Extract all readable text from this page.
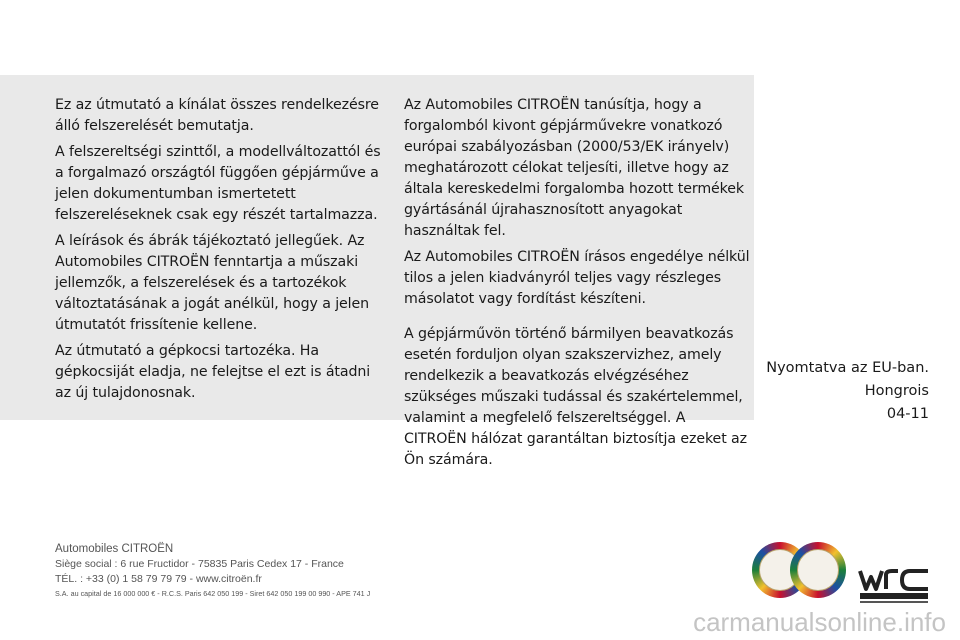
Ez az útmutató a kínálat összes rendelkezésre álló felszerelését bemutatja.

A felszereltségi szinttől, a modellváltozattól és a forgalmazó országtól függően gépjárműve a jelen dokumentumban ismertetett felszereléseknek csak egy részét tartalmazza.

A leírások és ábrák tájékoztató jellegűek. Az Automobiles CITROËN fenntartja a műszaki jellemzők, a felszerelések és a tartozékok változtatásának a jogát anélkül, hogy a jelen útmutatót frissítenie kellene.

Az útmutató a gépkocsi tartozéka. Ha gépkocsiját eladja, ne felejtse el ezt is átadni az új tulajdonosnak.

Az Automobiles CITROËN tanúsítja, hogy a forgalomból kivont gépjárművekre vonatkozó európai szabályozásban (2000/53/EK irányelv) meghatározott célokat teljesíti, illetve hogy az általa kereskedelmi forgalomba hozott termékek gyártásánál újrahasznosított anyagokat használtak fel.

Az Automobiles CITROËN írásos engedélye nélkül tilos a jelen kiadványról teljes vagy részleges másolatot vagy fordítást készíteni.

A gépjárművön történő bármilyen beavatkozás esetén forduljon olyan szakszervizhez, amely rendelkezik a beavatkozás elvégzéséhez szükséges műszaki tudással és szakértelemmel, valamint a megfelelő felszereltséggel. A CITROËN hálózat garantáltan biztosítja ezeket az Ön számára.

Nyomtatva az EU-ban.
Hongrois
04-11
Automobiles CITROËN
Siège social : 6 rue Fructidor - 75835 Paris Cedex 17 - France
TÉL. : +33 (0) 1 58 79 79 79 - www.citroën.fr
S.A. au capital de 16 000 000 € - R.C.S. Paris 642 050 199 - Siret 642 050 199 00 990 - APE 741 J
carmanualsonline.info
